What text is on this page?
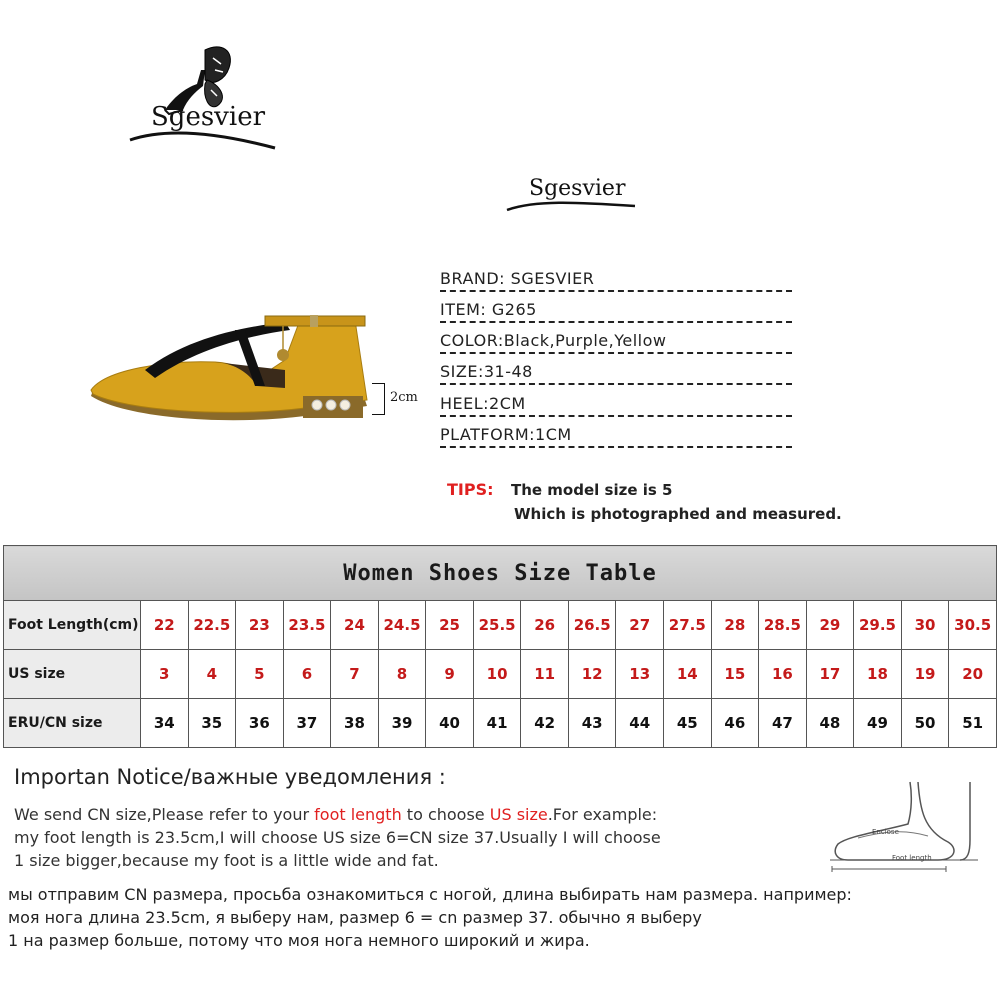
Sgesvier
Sgesvier
2cm
BRAND: SGESVIER
ITEM: G265
COLOR:Black,Purple,Yellow
SIZE:31-48
HEEL:2CM
PLATFORM:1CM
TIPS: The model size is 5
Which is photographed and measured.
Women Shoes Size Table																		
Foot Length(cm)	22	22.5	23	23.5	24	24.5	25	25.5	26	26.5	27	27.5	28	28.5	29	29.5	30	30.5
US size	3	4	5	6	7	8	9	10	11	12	13	14	15	16	17	18	19	20
ERU/CN size	34	35	36	37	38	39	40	41	42	43	44	45	46	47	48	49	50	51
Importan Notice/важные уведомления :
We send CN size,Please refer to your foot length to choose US size.For example:
my foot length is 23.5cm,I will choose US size 6=CN size 37.Usually I will choose
1 size bigger,because my foot is a little wide and fat.
мы отправим CN размера, просьба ознакомиться с ногой, длина выбирать нам размера. например:
моя нога длина 23.5cm, я выберу нам, размер 6 = cn размер 37. обычно я выберу
1 на размер больше, потому что моя нога немного широкий и жира.
Enclose
Foot length
